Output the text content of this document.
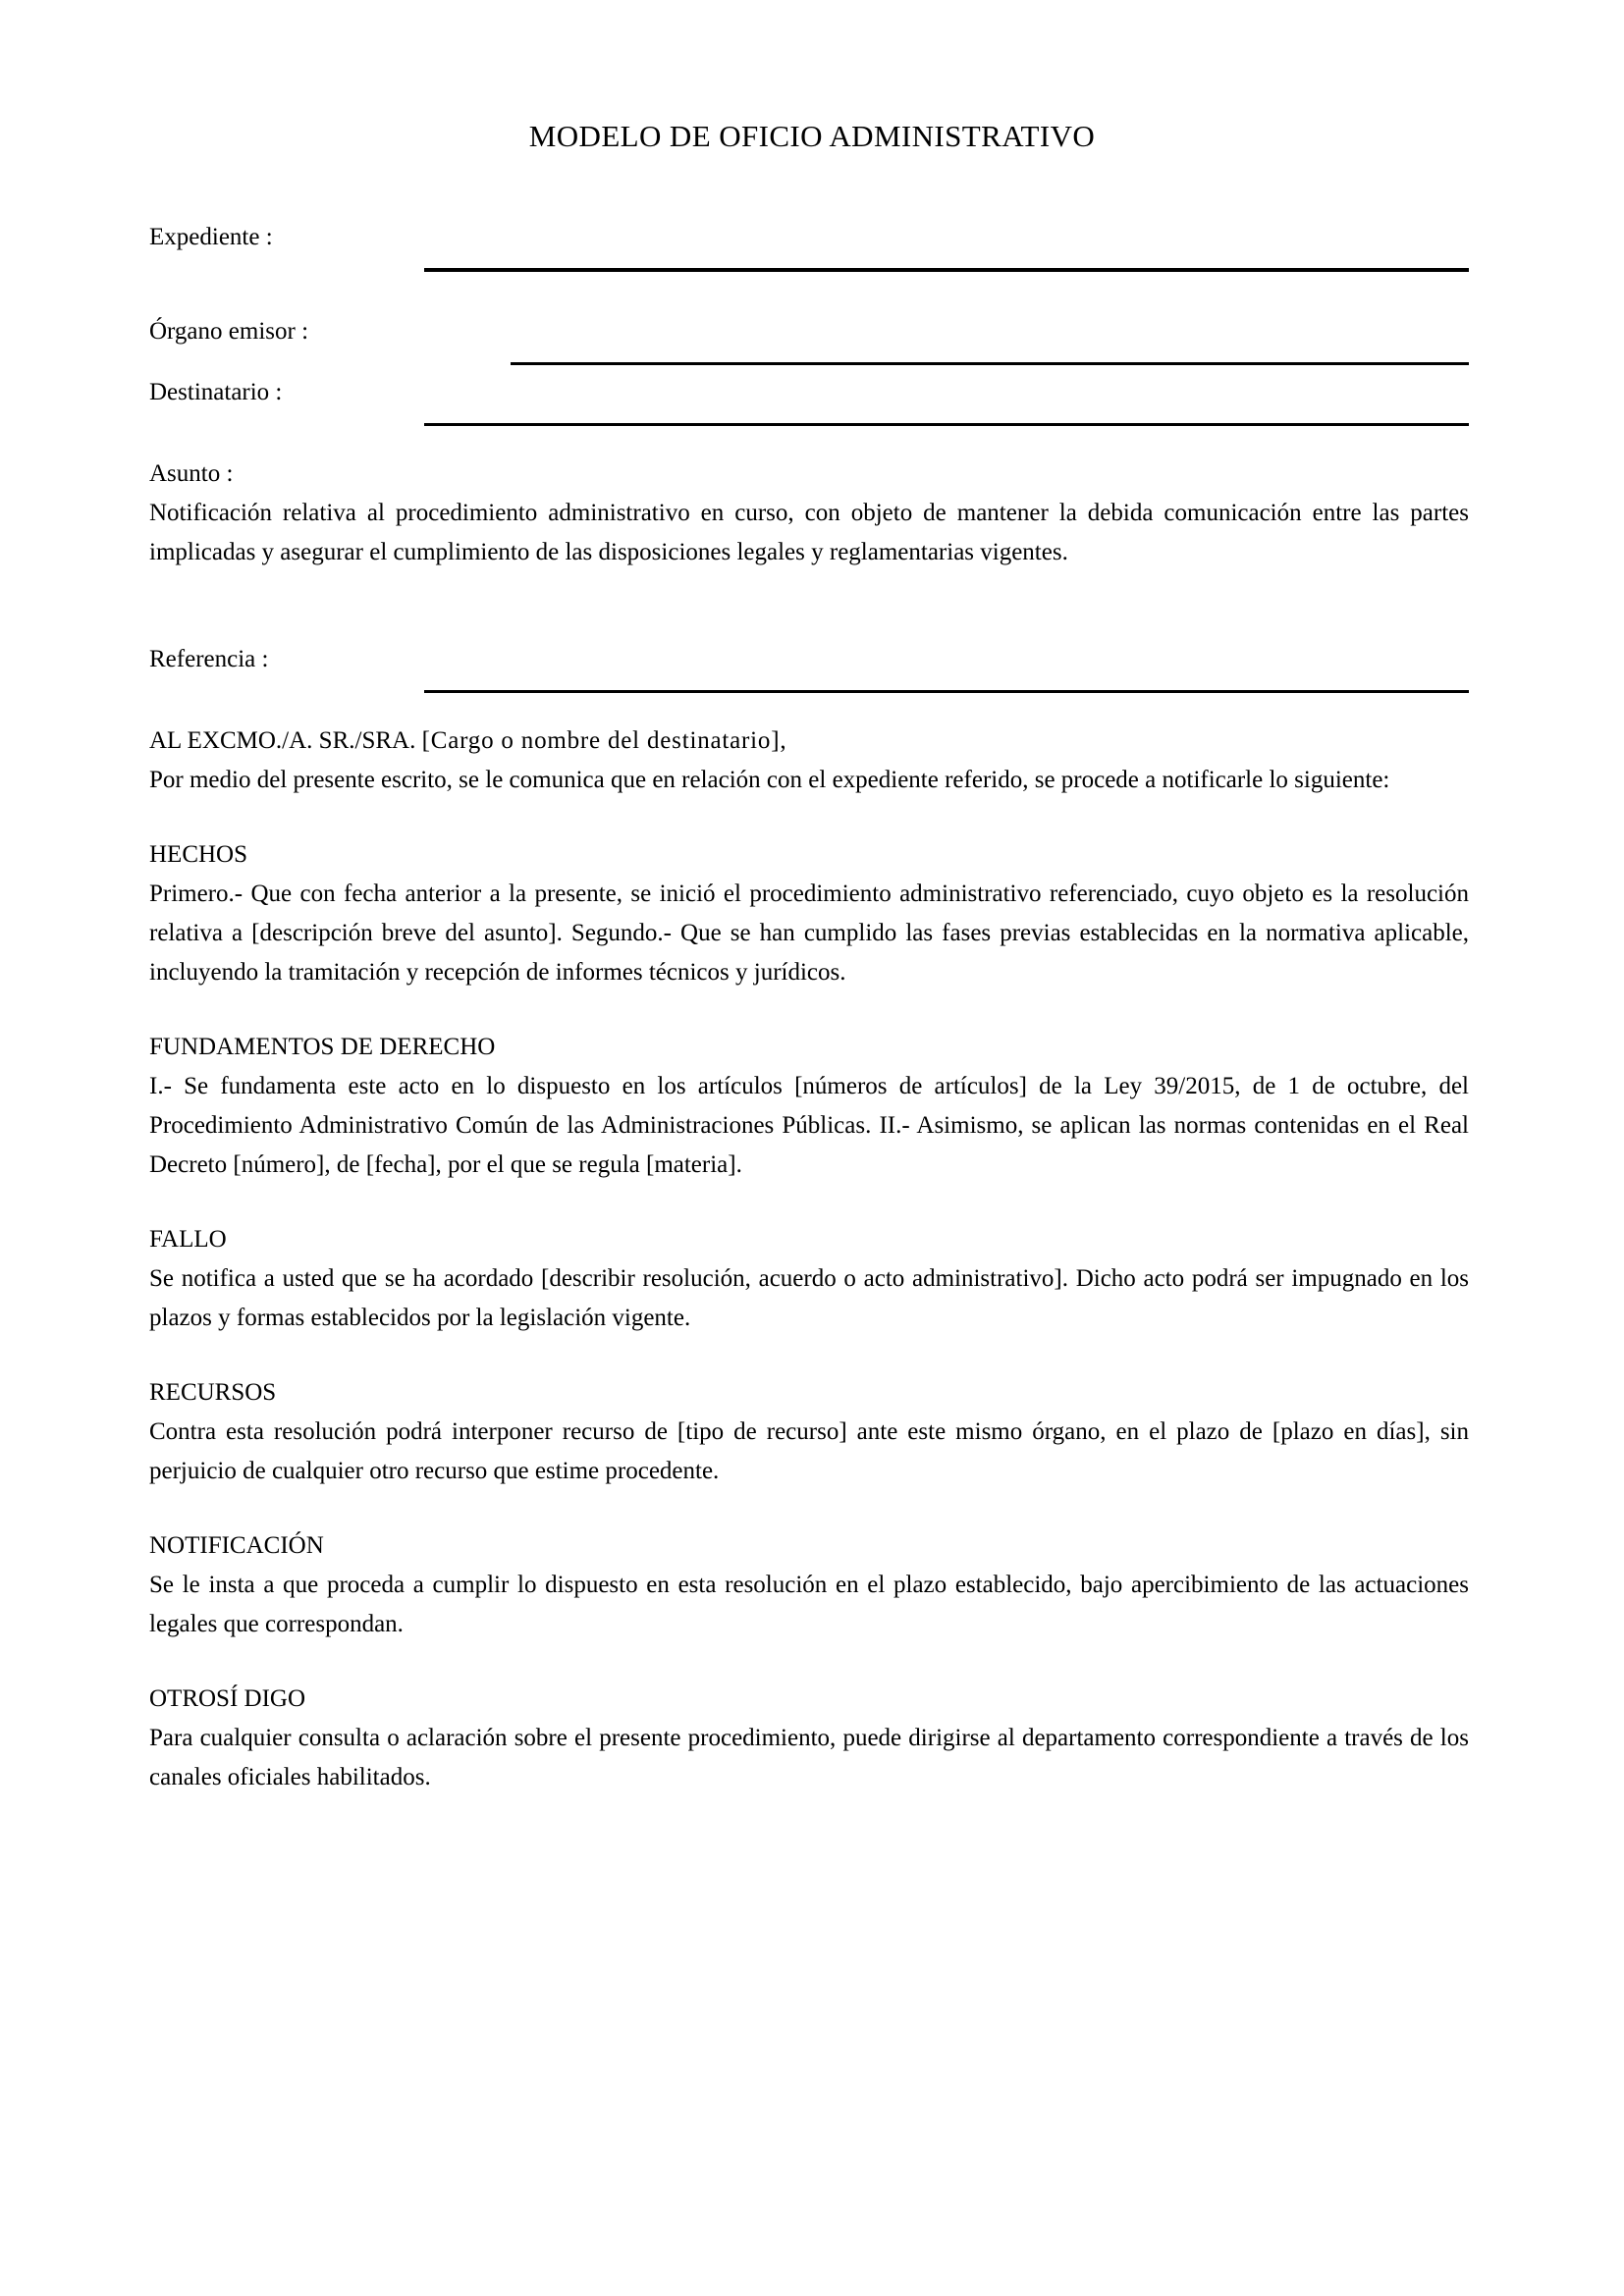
MODELO DE OFICIO ADMINISTRATIVO
Expediente :
Órgano emisor :
Destinatario :
Asunto :
Notificación relativa al procedimiento administrativo en curso, con objeto de mantener la debida comunicación entre las partes implicadas y asegurar el cumplimiento de las disposiciones legales y reglamentarias vigentes.
Referencia :
AL EXCMO./A. SR./SRA. [Cargo o nombre del destinatario],
Por medio del presente escrito, se le comunica que en relación con el expediente referido, se procede a notificarle lo siguiente:
HECHOS
Primero.- Que con fecha anterior a la presente, se inició el procedimiento administrativo referenciado, cuyo objeto es la resolución relativa a [descripción breve del asunto]. Segundo.- Que se han cumplido las fases previas establecidas en la normativa aplicable, incluyendo la tramitación y recepción de informes técnicos y jurídicos.
FUNDAMENTOS DE DERECHO
I.- Se fundamenta este acto en lo dispuesto en los artículos [números de artículos] de la Ley 39/2015, de 1 de octubre, del Procedimiento Administrativo Común de las Administraciones Públicas. II.- Asimismo, se aplican las normas contenidas en el Real Decreto [número], de [fecha], por el que se regula [materia].
FALLO
Se notifica a usted que se ha acordado [describir resolución, acuerdo o acto administrativo]. Dicho acto podrá ser impugnado en los plazos y formas establecidos por la legislación vigente.
RECURSOS
Contra esta resolución podrá interponer recurso de [tipo de recurso] ante este mismo órgano, en el plazo de [plazo en días], sin perjuicio de cualquier otro recurso que estime procedente.
NOTIFICACIÓN
Se le insta a que proceda a cumplir lo dispuesto en esta resolución en el plazo establecido, bajo apercibimiento de las actuaciones legales que correspondan.
OTROSÍ DIGO
Para cualquier consulta o aclaración sobre el presente procedimiento, puede dirigirse al departamento correspondiente a través de los canales oficiales habilitados.
